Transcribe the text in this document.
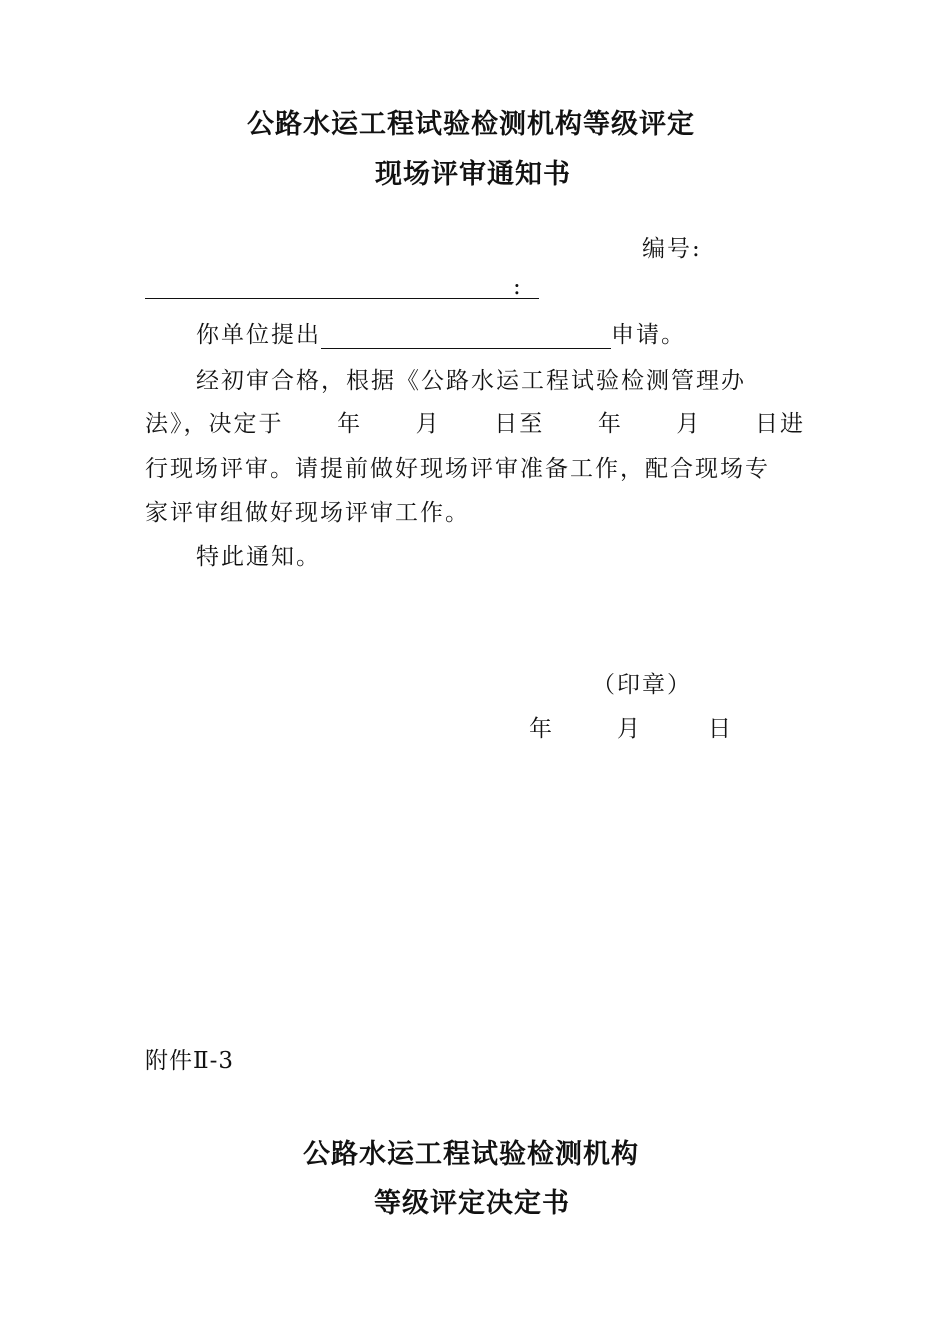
公路水运工程试验检测机构等级评定
现场评审通知书
编号:
:
你单位提出	申请。
经初审合格，根据《公路水运工程试验检测管理办
法》，决定于 年 月 日至 年 月 日进
行现场评审。请提前做好现场评审准备工作，配合现场专
家评审组做好现场评审工作。
特此通知。
（印章）
年	月	日
附件Ⅱ-3
公路水运工程试验检测机构
等级评定决定书
